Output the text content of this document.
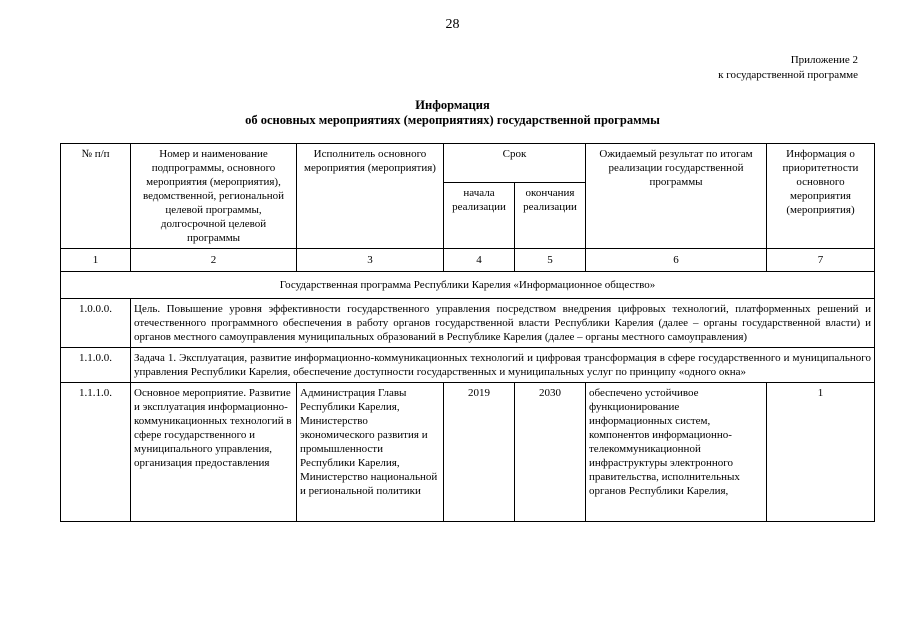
28
Приложение 2
к государственной программе
Информация
об основных мероприятиях (мероприятиях) государственной программы
№ п/п	Номер и наименование подпрограммы, основного мероприятия (мероприятия), ведомственной, региональной целевой программы, долгосрочной целевой программы	Исполнитель основного мероприятия (мероприятия)	Срок		Ожидаемый результат по итогам реализации государственной программы	Информация о приоритетности основного мероприятия (мероприятия)
			начала реализации	окончания реализации		
1	2	3	4	5	6	7
Государственная программа Республики Карелия «Информационное общество»						
1.0.0.0.	Цель. Повышение уровня эффективности государственного управления посредством внедрения цифровых технологий, платформенных решений и отечественного программного обеспечения в работу органов государственной власти Республики Карелия (далее – органы государственной власти) и органов местного самоуправления муниципальных образований в Республике Карелия (далее – органы местного самоуправления)					
1.1.0.0.	Задача 1. Эксплуатация, развитие информационно-коммуникационных технологий и цифровая трансформация в сфере государственного и муниципального управления Республики Карелия, обеспечение доступности государственных и муниципальных услуг по принципу «одного окна»					

1.1.1.0.	Основное мероприятие. Развитие и эксплуатация информационно-коммуникационных технологий в сфере государственного и муниципального управления, организация предоставления	Администрация Главы Республики Карелия, Министерство экономического развития и промышленности Республики Карелия, Министерство национальной и региональной политики	2019	2030	обеспечено устойчивое функционирование информационных систем, компонентов информационно-телекоммуникационной инфраструктуры электронного правительства, исполнительных органов Республики Карелия,	1
